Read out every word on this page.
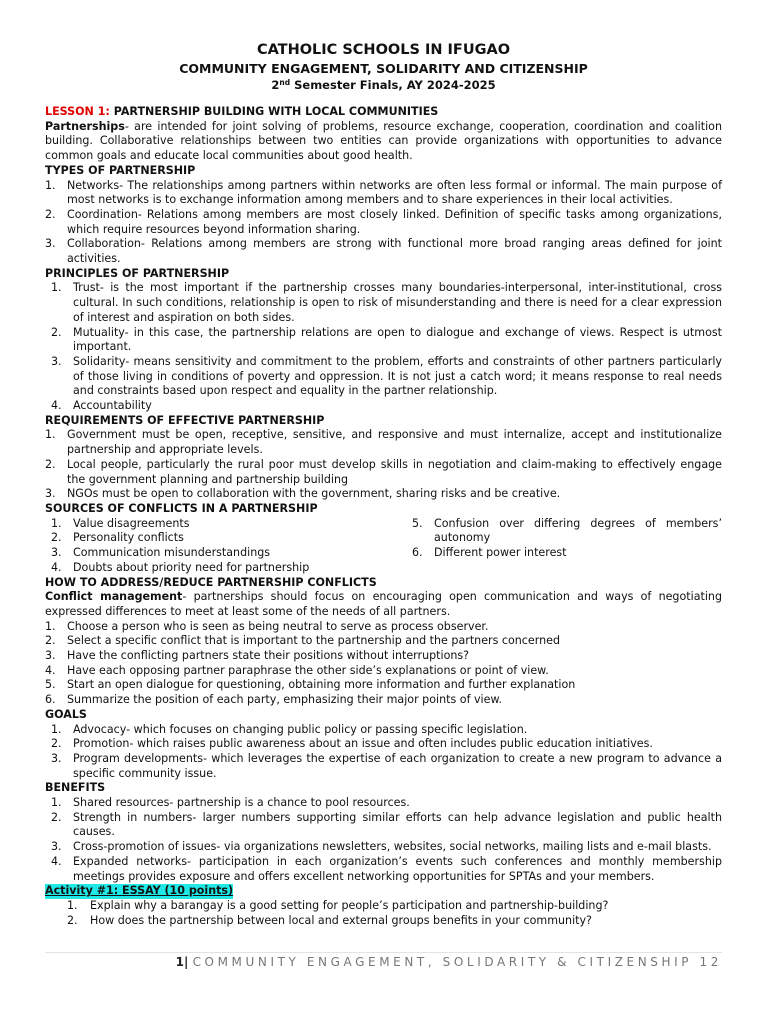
CATHOLIC SCHOOLS IN IFUGAO

COMMUNITY ENGAGEMENT, SOLIDARITY AND CITIZENSHIP

2nd Semester Finals, AY 2024-2025

LESSON 1: PARTNERSHIP BUILDING WITH LOCAL COMMUNITIES
Partnerships- are intended for joint solving of problems, resource exchange, cooperation, coordination and coalition building. Collaborative relationships between two entities can provide organizations with opportunities to advance common goals and educate local communities about good health.
TYPES OF PARTNERSHIP
1.	Networks- The relationships among partners within networks are often less formal or informal. The main purpose of most networks is to exchange information among members and to share experiences in their local activities.
2.	Coordination- Relations among members are most closely linked. Definition of specific tasks among organizations, which require resources beyond information sharing.
3.	Collaboration- Relations among members are strong with functional more broad ranging areas defined for joint activities.
PRINCIPLES OF PARTNERSHIP
1.	Trust- is the most important if the partnership crosses many boundaries-interpersonal, inter-institutional, cross cultural. In such conditions, relationship is open to risk of misunderstanding and there is need for a clear expression of interest and aspiration on both sides.
2.	Mutuality- in this case, the partnership relations are open to dialogue and exchange of views. Respect is utmost important.
3.	Solidarity- means sensitivity and commitment to the problem, efforts and constraints of other partners particularly of those living in conditions of poverty and oppression. It is not just a catch word; it means response to real needs and constraints based upon respect and equality in the partner relationship.
4.	Accountability
REQUIREMENTS OF EFFECTIVE PARTNERSHIP
1.	Government must be open, receptive, sensitive, and responsive and must internalize, accept and institutionalize partnership and appropriate levels.
2.	Local people, particularly the rural poor must develop skills in negotiation and claim-making to effectively engage the government planning and partnership building
3.	NGOs must be open to collaboration with the government, sharing risks and be creative.
SOURCES OF CONFLICTS IN A PARTNERSHIP
1.	Value disagreements
2.	Personality conflicts
3.	Communication misunderstandings
4.	Doubts about priority need for partnership
5.	Confusion over differing degrees of members’ autonomy
6.	Different power interest
HOW TO ADDRESS/REDUCE PARTNERSHIP CONFLICTS
Conflict management- partnerships should focus on encouraging open communication and ways of negotiating expressed differences to meet at least some of the needs of all partners.
1.	Choose a person who is seen as being neutral to serve as process observer.
2.	Select a specific conflict that is important to the partnership and the partners concerned
3.	Have the conflicting partners state their positions without interruptions?
4.	Have each opposing partner paraphrase the other side’s explanations or point of view.
5.	Start an open dialogue for questioning, obtaining more information and further explanation
6.	Summarize the position of each party, emphasizing their major points of view.
GOALS
1.	Advocacy- which focuses on changing public policy or passing specific legislation.
2.	Promotion- which raises public awareness about an issue and often includes public education initiatives.
3.	Program developments- which leverages the expertise of each organization to create a new program to advance a specific community issue.
BENEFITS
1.	Shared resources- partnership is a chance to pool resources.
2.	Strength in numbers- larger numbers supporting similar efforts can help advance legislation and public health causes.
3.	Cross-promotion of issues- via organizations newsletters, websites, social networks, mailing lists and e-mail blasts.
4.	Expanded networks- participation in each organization’s events such conferences and monthly membership meetings provides exposure and offers excellent networking opportunities for SPTAs and your members.
Activity #1: ESSAY (10 points)
1.	Explain why a barangay is a good setting for people’s participation and partnership-building?
2.	How does the partnership between local and external groups benefits in your community?
1| COMMUNITY ENGAGEMENT, SOLIDARITY & CITIZENSHIP 12
